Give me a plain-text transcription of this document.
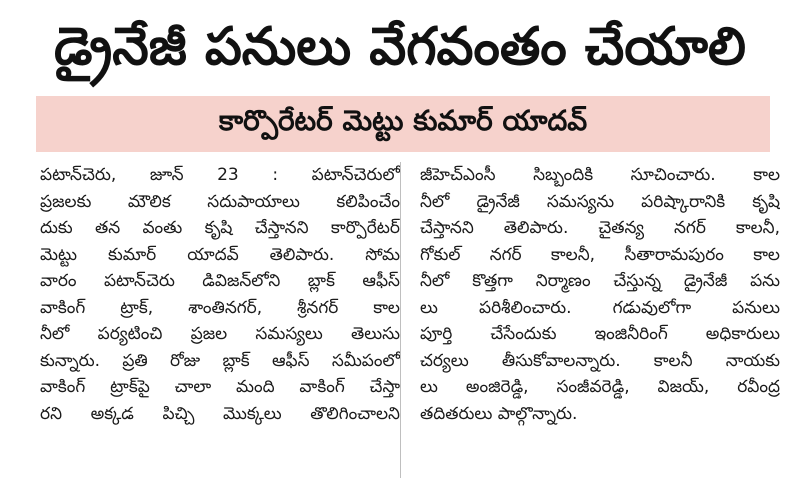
డ్రైనేజీ పనులు వేగవంతం చేయాలి
కార్పొరేటర్ మెట్టు కుమార్ యాదవ్
పటాన్‌చెరు, జూన్ 23 : పటాన్‌చెరులో
ప్రజలకు మౌలిక సదుపాయాలు కలిపించేం
దుకు తన వంతు కృషి చేస్తానని కార్పొరేటర్
మెట్టు కుమార్ యాదవ్ తెలిపారు. సోమ
వారం పటాన్‌చెరు డివిజన్‌లోని బ్లాక్ ఆఫీస్
వాకింగ్ ట్రాక్, శాంతినగర్, శ్రీనగర్ కాల
నీలో పర్యటించి ప్రజల సమస్యలు తెలుసు
కున్నారు. ప్రతి రోజు బ్లాక్ ఆఫీస్ సమీపంలో
వాకింగ్ ట్రాక్‌పై చాలా మంది వాకింగ్ చేస్తా
రని అక్కడ పిచ్చి మొక్కలు తొలిగించాలని
జీహెచ్ఎంసీ సిబ్బందికి సూచించారు. కాల
నీలో డ్రైనేజీ సమస్యను పరిష్కారానికి కృషి
చేస్తానని తెలిపారు. చైతన్య నగర్ కాలనీ,
గోకుల్ నగర్ కాలనీ, సీతారామపురం కాల
నీలో కొత్తగా నిర్మాణం చేస్తున్న డ్రైనేజీ పను
లు పరిశీలించారు. గడువులోగా పనులు
పూర్తి చేసేందుకు ఇంజినీరింగ్ అధికారులు
చర్యలు తీసుకోవాలన్నారు. కాలనీ నాయకు
లు అంజిరెడ్డి, సంజీవరెడ్డి, విజయ్, రవీంద్ర
తదితరులు పాల్గొన్నారు.
